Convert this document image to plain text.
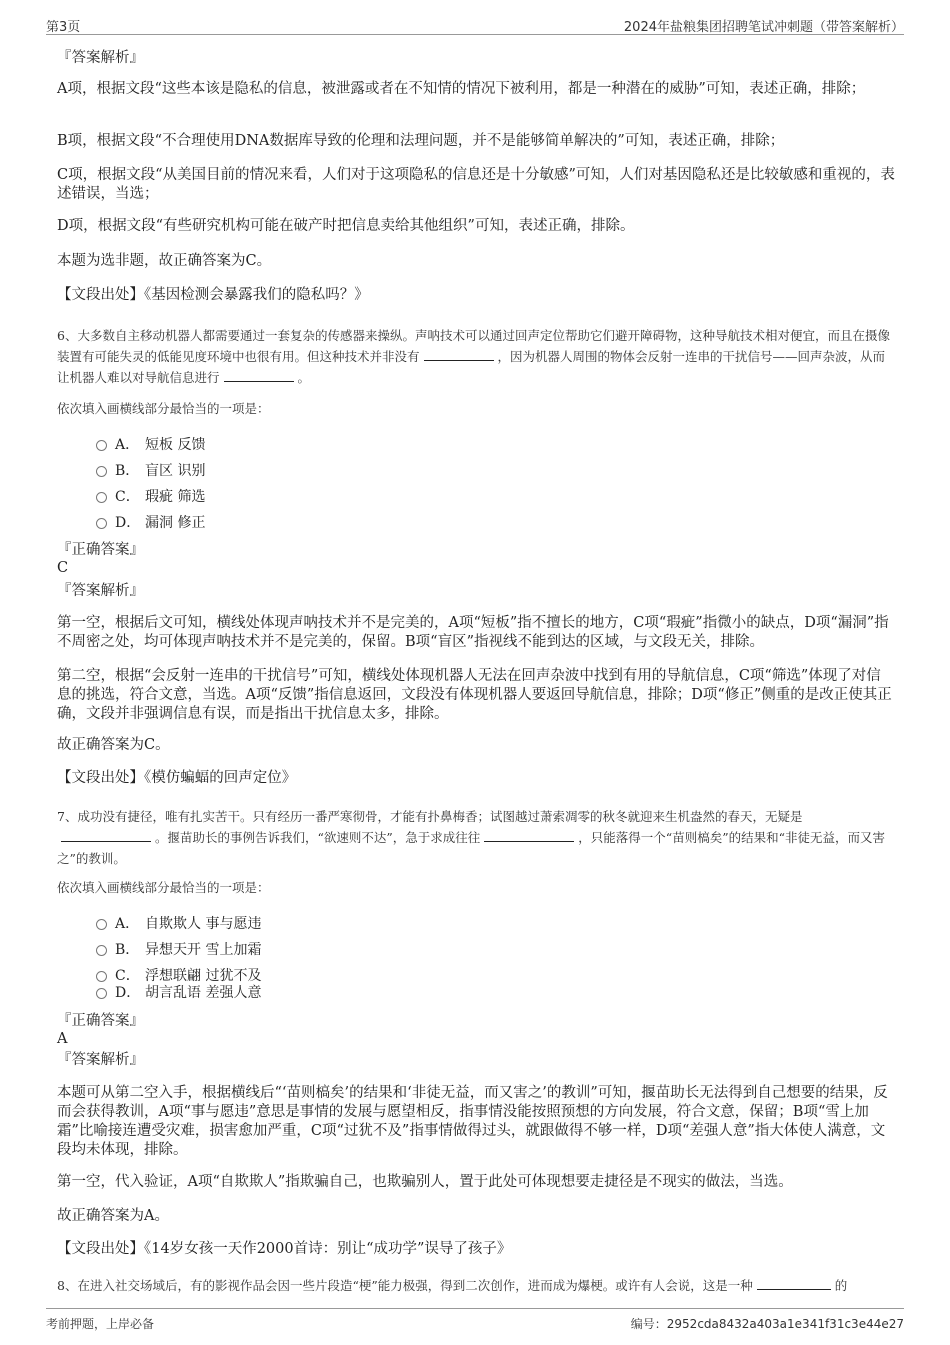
第3页	2024年盐粮集团招聘笔试冲刺题（带答案解析）

『答案解析』

A项，根据文段“这些本该是隐私的信息，被泄露或者在不知情的情况下被利用，都是一种潜在的威胁”可知，表述正确，排除；

B项，根据文段“不合理使用DNA数据库导致的伦理和法理问题，并不是能够简单解决的”可知，表述正确，排除；

C项，根据文段“从美国目前的情况来看，人们对于这项隐私的信息还是十分敏感”可知，人们对基因隐私还是比较敏感和重视的，表述错误，当选；

D项，根据文段“有些研究机构可能在破产时把信息卖给其他组织”可知，表述正确，排除。

本题为选非题，故正确答案为C。

【文段出处】《基因检测会暴露我们的隐私吗？》

6、大多数自主移动机器人都需要通过一套复杂的传感器来操纵。声呐技术可以通过回声定位帮助它们避开障碍物，这种导航技术相对便宜，而且在摄像装置有可能失灵的低能见度环境中也很有用。但这种技术并非没有	，因为机器人周围的物体会反射一连串的干扰信号——回声杂波，从而让机器人难以对导航信息进行	。

依次填入画横线部分最恰当的一项是：

A． 短板 反馈
B． 盲区 识别
C． 瑕疵 筛选
D． 漏洞 修正

『正确答案』

C

『答案解析』

第一空，根据后文可知，横线处体现声呐技术并不是完美的，A项“短板”指不擅长的地方，C项“瑕疵”指微小的缺点，D项“漏洞”指不周密之处，均可体现声呐技术并不是完美的，保留。B项“盲区”指视线不能到达的区域，与文段无关，排除。

第二空，根据“会反射一连串的干扰信号”可知，横线处体现机器人无法在回声杂波中找到有用的导航信息，C项“筛选”体现了对信息的挑选，符合文意，当选。A项“反馈”指信息返回，文段没有体现机器人要返回导航信息，排除；D项“修正”侧重的是改正使其正确，文段并非强调信息有误，而是指出干扰信息太多，排除。

故正确答案为C。

【文段出处】《模仿蝙蝠的回声定位》

7、成功没有捷径，唯有扎实苦干。只有经历一番严寒彻骨，才能有扑鼻梅香；试图越过萧索凋零的秋冬就迎来生机盎然的春天，无疑是。揠苗助长的事例告诉我们，“欲速则不达”，急于求成往往	，只能落得一个“苗则槁矣”的结果和“非徒无益，而又害之”的教训。

依次填入画横线部分最恰当的一项是：

A． 自欺欺人 事与愿违
B． 异想天开 雪上加霜
C． 浮想联翩 过犹不及
D． 胡言乱语 差强人意

『正确答案』

A

『答案解析』

本题可从第二空入手，根据横线后“‘苗则槁矣’的结果和‘非徒无益，而又害之’的教训”可知，揠苗助长无法得到自己想要的结果，反而会获得教训，A项“事与愿违”意思是事情的发展与愿望相反，指事情没能按照预想的方向发展，符合文意，保留；B项“雪上加霜”比喻接连遭受灾难，损害愈加严重，C项“过犹不及”指事情做得过头，就跟做得不够一样，D项“差强人意”指大体使人满意，文段均未体现，排除。

第一空，代入验证，A项“自欺欺人”指欺骗自己，也欺骗别人，置于此处可体现想要走捷径是不现实的做法，当选。

故正确答案为A。

【文段出处】《14岁女孩一天作2000首诗：别让“成功学”误导了孩子》

8、在进入社交场域后，有的影视作品会因一些片段造“梗”能力极强，得到二次创作，进而成为爆梗。或许有人会说，这是一种	的

考前押题，上岸必备	编号：2952cda8432a403a1e341f31c3e44e27
